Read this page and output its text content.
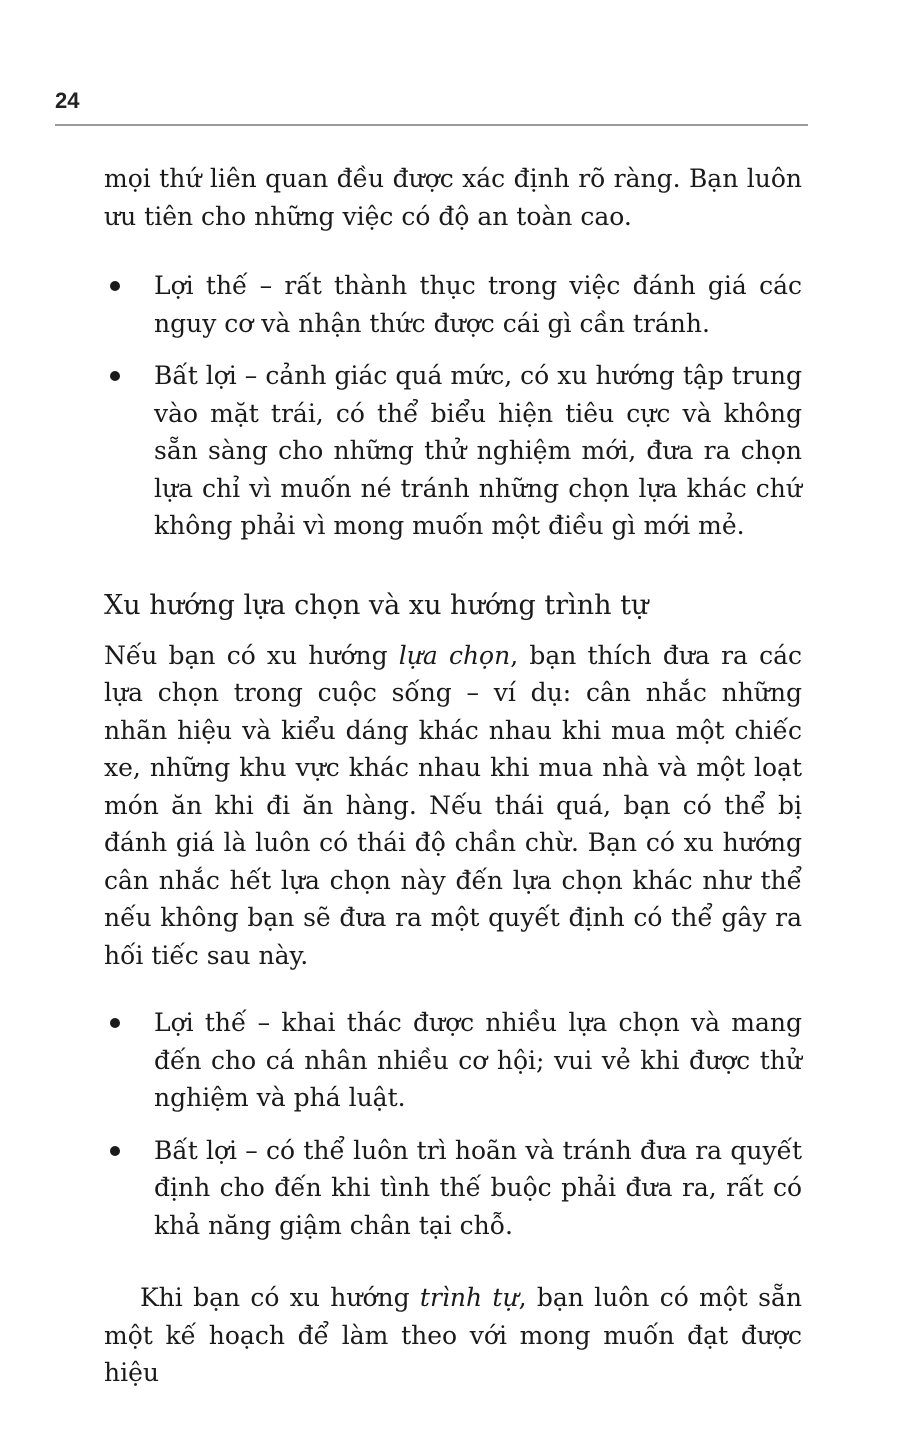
24

mọi thứ liên quan đều được xác định rõ ràng. Bạn luôn ưu tiên cho những việc có độ an toàn cao.

Lợi thế – rất thành thục trong việc đánh giá các nguy cơ và nhận thức được cái gì cần tránh.
Bất lợi – cảnh giác quá mức, có xu hướng tập trung vào mặt trái, có thể biểu hiện tiêu cực và không sẵn sàng cho những thử nghiệm mới, đưa ra chọn lựa chỉ vì muốn né tránh những chọn lựa khác chứ không phải vì mong muốn một điều gì mới mẻ.
Xu hướng lựa chọn và xu hướng trình tự

Nếu bạn có xu hướng lựa chọn, bạn thích đưa ra các lựa chọn trong cuộc sống – ví dụ: cân nhắc những nhãn hiệu và kiểu dáng khác nhau khi mua một chiếc xe, những khu vực khác nhau khi mua nhà và một loạt món ăn khi đi ăn hàng. Nếu thái quá, bạn có thể bị đánh giá là luôn có thái độ chần chừ. Bạn có xu hướng cân nhắc hết lựa chọn này đến lựa chọn khác như thể nếu không bạn sẽ đưa ra một quyết định có thể gây ra hối tiếc sau này.

Lợi thế – khai thác được nhiều lựa chọn và mang đến cho cá nhân nhiều cơ hội; vui vẻ khi được thử nghiệm và phá luật.
Bất lợi – có thể luôn trì hoãn và tránh đưa ra quyết định cho đến khi tình thế buộc phải đưa ra, rất có khả năng giậm chân tại chỗ.

Khi bạn có xu hướng trình tự, bạn luôn có một sẵn một kế hoạch để làm theo với mong muốn đạt được hiệu
